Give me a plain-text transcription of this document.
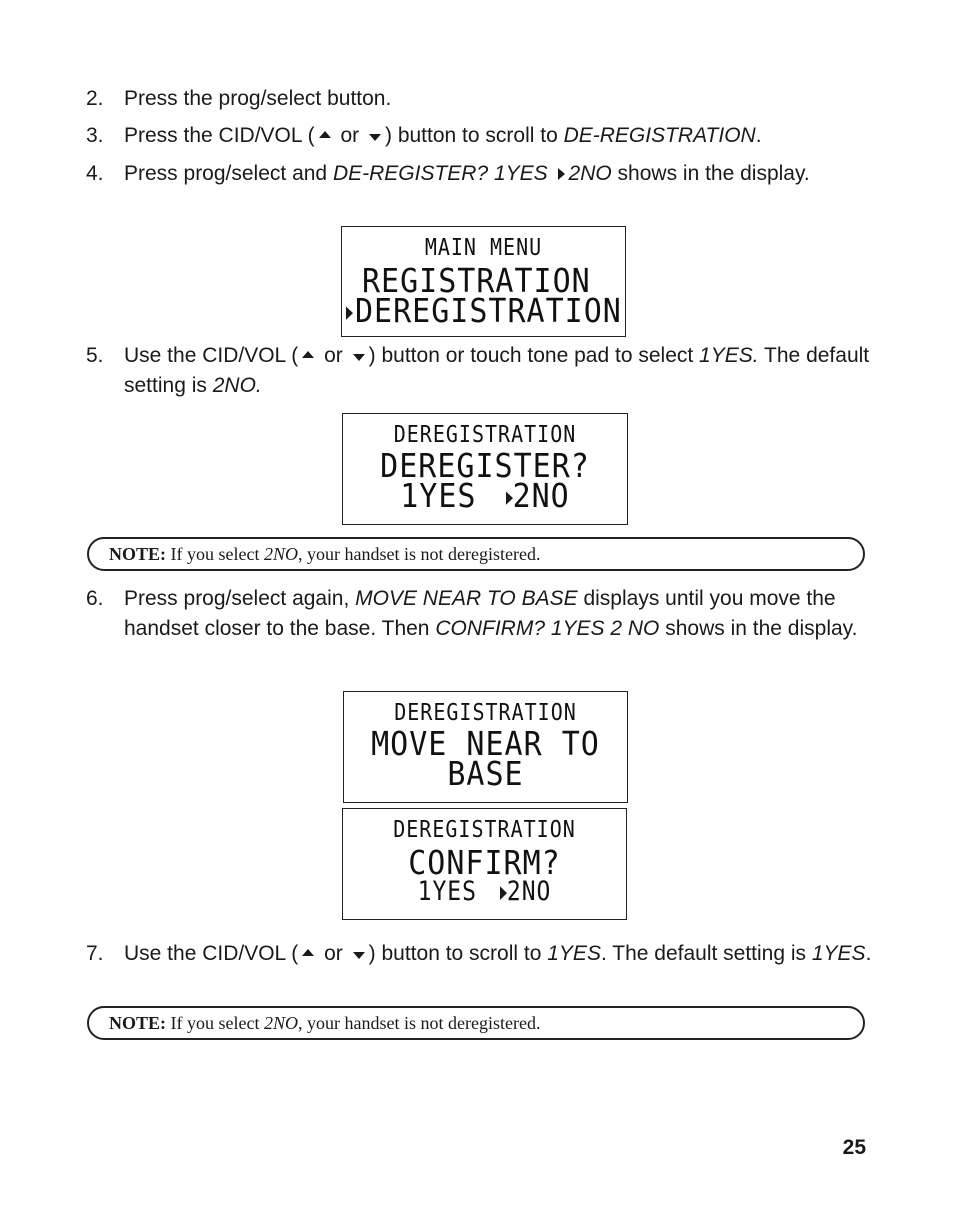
2. Press the prog/select button.
3. Press the CID/VOL ( or ) button to scroll to DE-REGISTRATION.
4. Press prog/select and DE-REGISTER? 1YES 2NO shows in the display.
MAIN MENU
REGISTRATION
DEREGISTRATION
5. Use the CID/VOL ( or ) button or touch tone pad to select 1YES. The default setting is 2NO.
DEREGISTRATION
DEREGISTER?
1YES 2NO
NOTE: If you select 2NO, your handset is not deregistered.
6. Press prog/select again, MOVE NEAR TO BASE displays until you move the handset closer to the base. Then CONFIRM? 1YES 2 NO shows in the display.
DEREGISTRATION
MOVE NEAR TO
BASE
DEREGISTRATION
CONFIRM?
1YES 2NO
7. Use the CID/VOL ( or ) button to scroll to 1YES. The default setting is 1YES.
NOTE: If you select 2NO, your handset is not deregistered.
25
